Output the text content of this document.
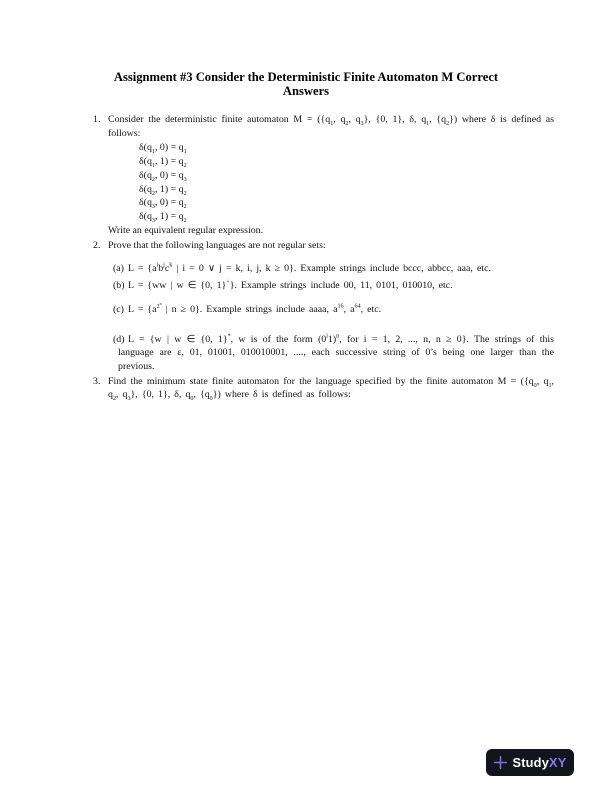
Assignment #3 Consider the Deterministic Finite Automaton M Correct
Answers
1. Consider the deterministic finite automaton $M = (\{q_1$, $q_2$, $q_3$}, {0, 1}, δ, $q_1$, $\{q_2\}$) where δ is defined as follows:

$\delta(q_1$, $0) = q_1$
$\delta(q_1$, $1) = q_2$
$\delta(q_2$, $0) = q_3$
$\delta(q_2$, $1) = q_2$
$\delta(q_3$, $0) = q_2$
$\delta(q_3$, $1) = q_2$

Write an equivalent regular expression.

2. Prove that the following languages are not regular sets:

(a) $L = \{a^ib^jc^k$ | i = 0 ∨ j = k, i, j, k ≥ 0}. Example strings include bccc, abbcc, aaa, etc.
(b) L = {ww | w ∈ {0, 1}+}. Example strings include 00, 11, 0101, 010010, etc.
(c) $L = \{a^{2^n}$ | n ≥ 0}. Example strings include aaaa, $a^{16}$, $a^{64}$, etc.
(d) L = {w | w ∈ {0, 1}*, w is of the form $(0^i1)^n$, for i = 1, 2, ..., n, n ≥ 0}. The strings of this language are ε, 01, 01001, 010010001, ...., each successive string of 0’s being one larger than the previous.
3. Find the minimum state finite automaton for the language specified by the finite automaton $M = (\{q_0$, $q_1$, $q_2$, $q_3$}, {0, 1}, δ, $q_0$, $\{q_0\}$) where δ is defined as follows:

StudyXY
